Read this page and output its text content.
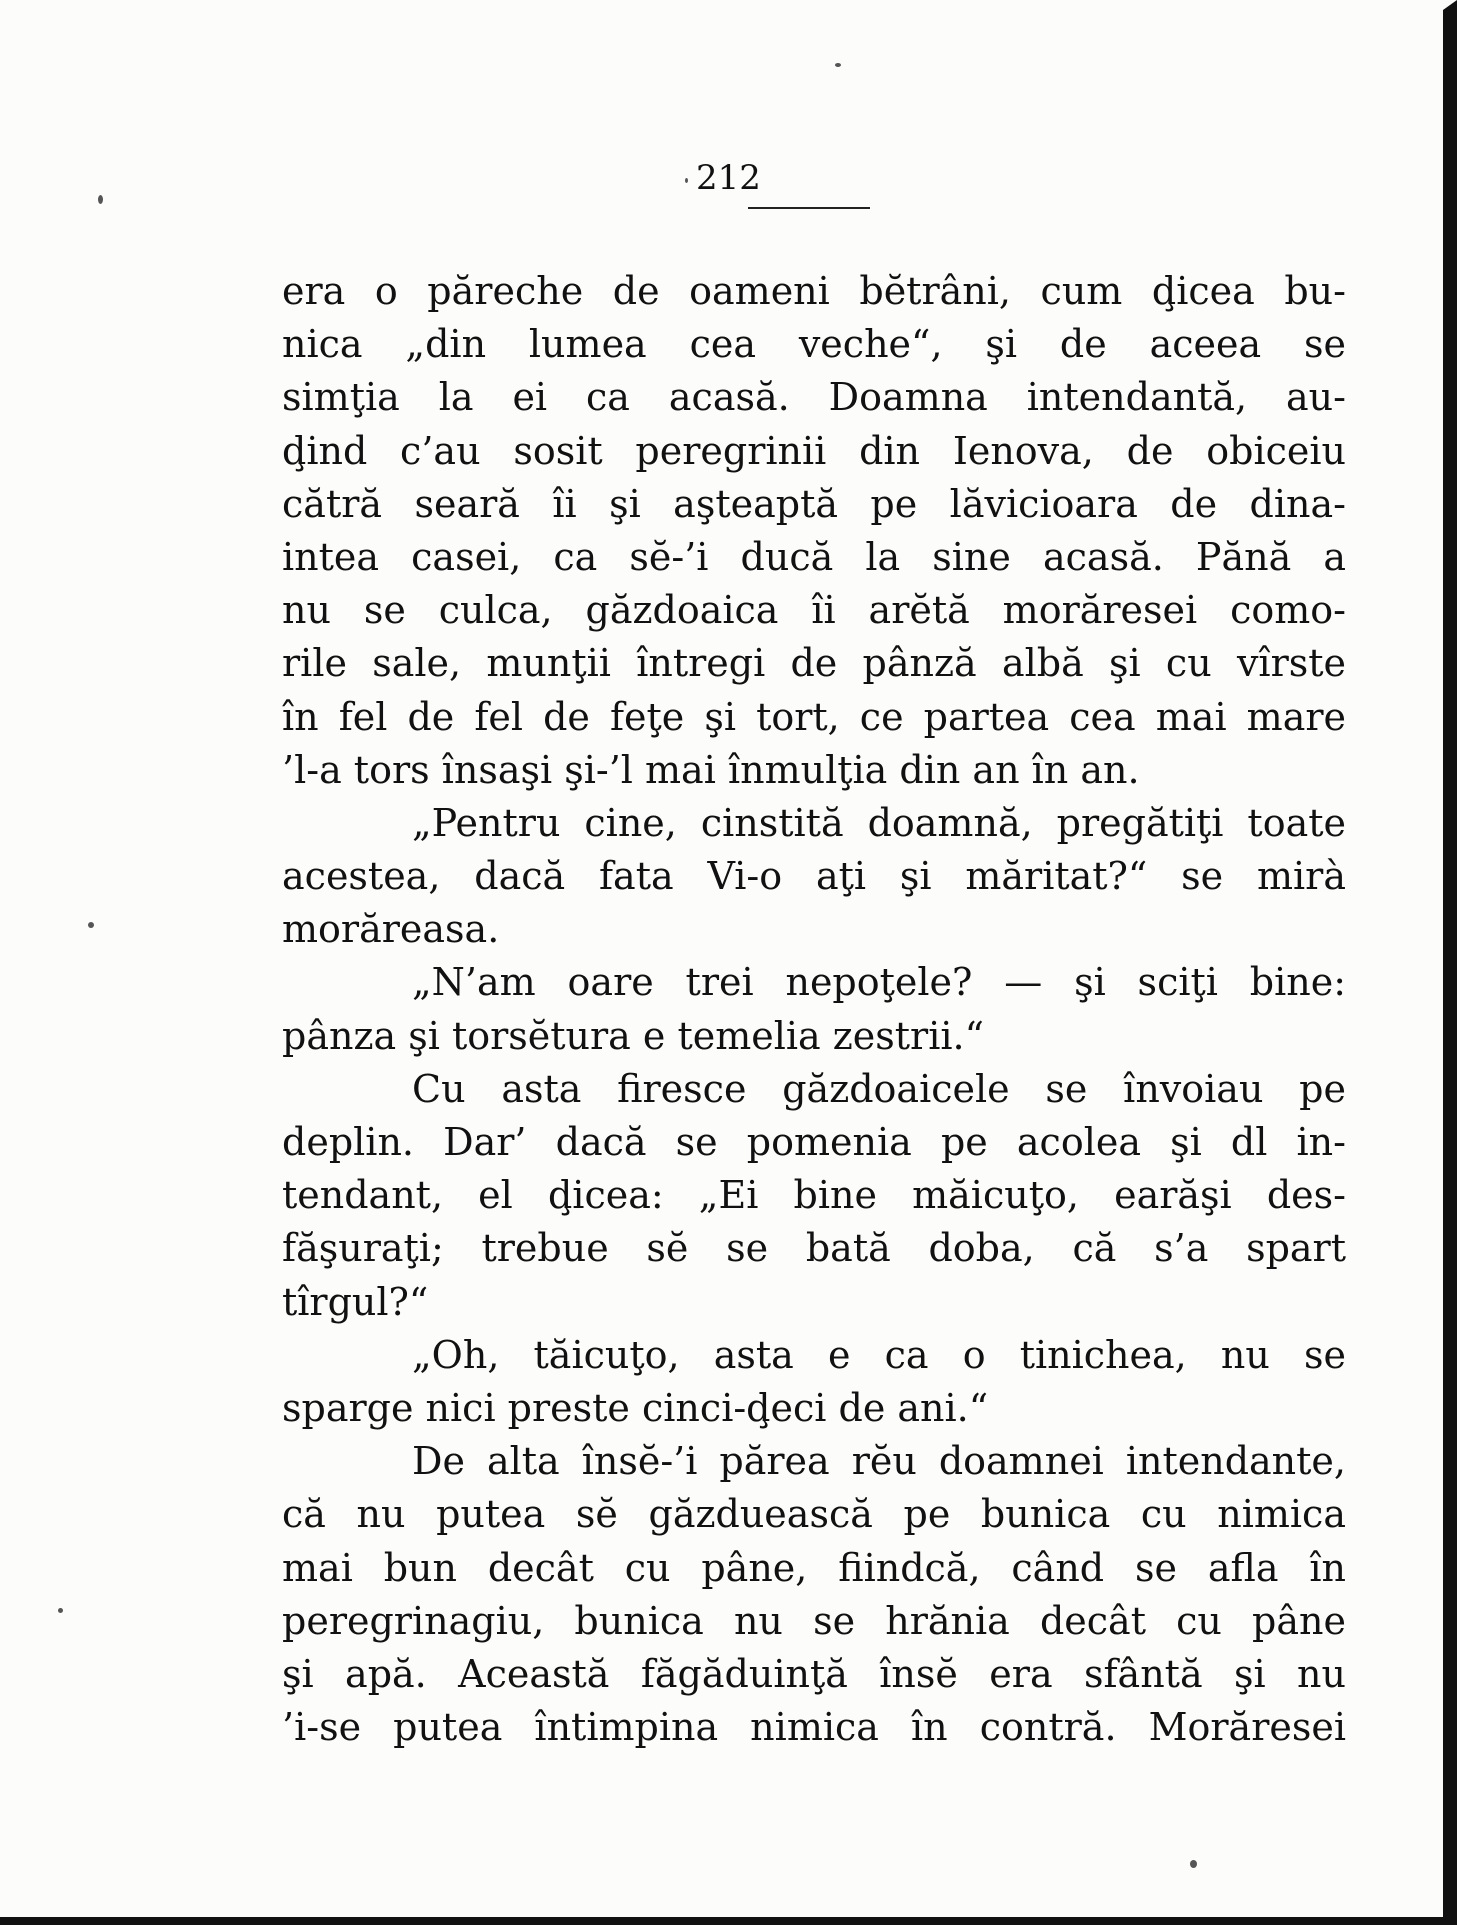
212
era o păreche de oameni bĕtrâni, cum ḑicea bu-
nica „din lumea cea veche“, şi de aceea se
simţia la ei ca acasă. Doamna intendantă, au-
ḑind c’au sosit peregrinii din Ienova, de obiceiu
cătră seară îi şi aşteaptă pe lăvicioara de dina-
intea casei, ca sĕ-’i ducă la sine acasă. Pănă a
nu se culca, găzdoaica îi arĕtă morăresei como-
rile sale, munţii întregi de pânză albă şi cu vîrste
în fel de fel de feţe şi tort, ce partea cea mai mare
’l-a tors însaşi şi-’l mai înmulţia din an în an.
„Pentru cine, cinstită doamnă, pregătiţi toate
acestea, dacă fata Vi-o aţi şi măritat?“ se mirà
morăreasa.
„N’am oare trei nepoţele? — şi sciţi bine:
pânza şi torsĕtura e temelia zestrii.“
Cu asta firesce găzdoaicele se învoiau pe
deplin. Dar’ dacă se pomenia pe acolea şi dl in-
tendant, el ḑicea: „Ei bine măicuţo, earăşi des-
făşuraţi; trebue sĕ se bată doba, că s’a spart
tîrgul?“
„Oh, tăicuţo, asta e ca o tinichea, nu se
sparge nici preste cinci-ḑeci de ani.“
De alta însĕ-’i părea rĕu doamnei intendante,
că nu putea sĕ găzduească pe bunica cu nimica
mai bun decât cu pâne, fiindcă, când se afla în
peregrinagiu, bunica nu se hrănia decât cu pâne
şi apă. Această făgăduinţă însĕ era sfântă şi nu
’i-se putea întimpina nimica în contră. Morăresei
